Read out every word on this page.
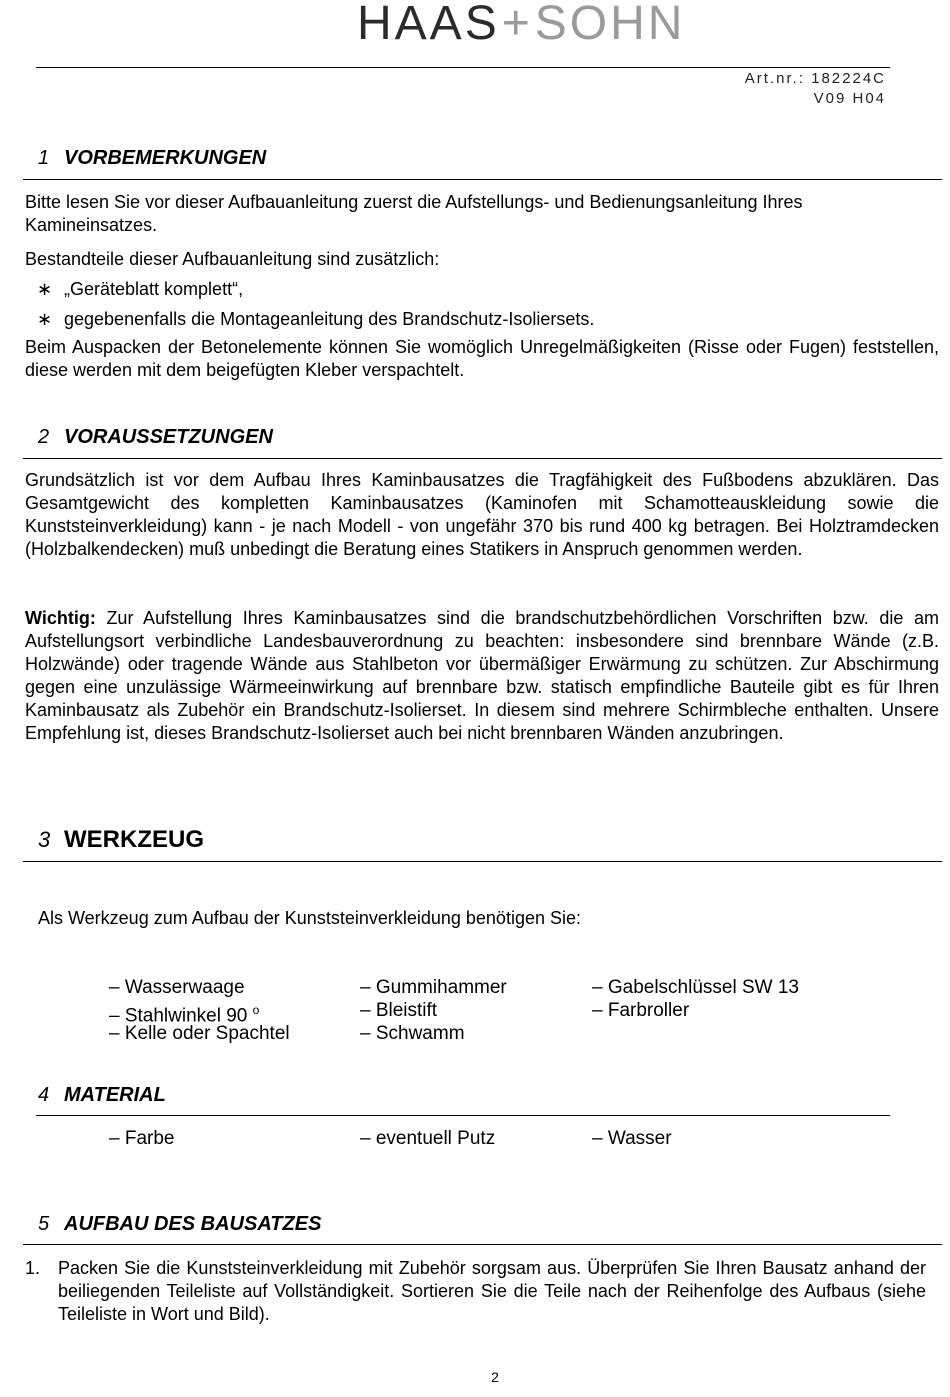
HAAS + SOHN
Art.nr.: 182224C
V09 H04
1 VORBEMERKUNGEN
Bitte lesen Sie vor dieser Aufbauanleitung zuerst die Aufstellungs- und Bedienungsanleitung Ihres Kamineinsatzes.
Bestandteile dieser Aufbauanleitung sind zusätzlich:
∗ „Geräteblatt komplett“,
∗ gegebenenfalls die Montageanleitung des Brandschutz-Isoliersets.
Beim Auspacken der Betonelemente können Sie womöglich Unregelmäßigkeiten (Risse oder Fugen) feststellen, diese werden mit dem beigefügten Kleber verspachtelt.
2 VORAUSSETZUNGEN
Grundsätzlich ist vor dem Aufbau Ihres Kaminbausatzes die Tragfähigkeit des Fußbodens abzuklären. Das Gesamtgewicht des kompletten Kaminbausatzes (Kaminofen mit Schamotteauskleidung sowie die Kunststeinverkleidung) kann - je nach Modell - von ungefähr 370 bis rund 400 kg betragen. Bei Holztramdecken (Holzbalkendecken) muß unbedingt die Beratung eines Statikers in Anspruch genommen werden.
Wichtig: Zur Aufstellung Ihres Kaminbausatzes sind die brandschutzbehördlichen Vorschriften bzw. die am Aufstellungsort verbindliche Landesbauverordnung zu beachten: insbesondere sind brennbare Wände (z.B. Holzwände) oder tragende Wände aus Stahlbeton vor übermäßiger Erwärmung zu schützen. Zur Abschirmung gegen eine unzulässige Wärmeeinwirkung auf brennbare bzw. statisch empfindliche Bauteile gibt es für Ihren Kaminbausatz als Zubehör ein Brandschutz-Isolierset. In diesem sind mehrere Schirmbleche enthalten. Unsere Empfehlung ist, dieses Brandschutz-Isolierset auch bei nicht brennbaren Wänden anzubringen.
3 WERKZEUG
Als Werkzeug zum Aufbau der Kunststeinverkleidung benötigen Sie:
– Wasserwaage
– Stahlwinkel 90 $^o$
– Kelle oder Spachtel
– Gummihammer
– Bleistift
– Schwamm
– Gabelschlüssel SW 13
– Farbroller
4 MATERIAL
– Farbe	– eventuell Putz	– Wasser
5 AUFBAU DES BAUSATZES
1. Packen Sie die Kunststeinverkleidung mit Zubehör sorgsam aus. Überprüfen Sie Ihren Bausatz anhand der beiliegenden Teileliste auf Vollständigkeit. Sortieren Sie die Teile nach der Reihenfolge des Aufbaus (siehe Teileliste in Wort und Bild).
2
